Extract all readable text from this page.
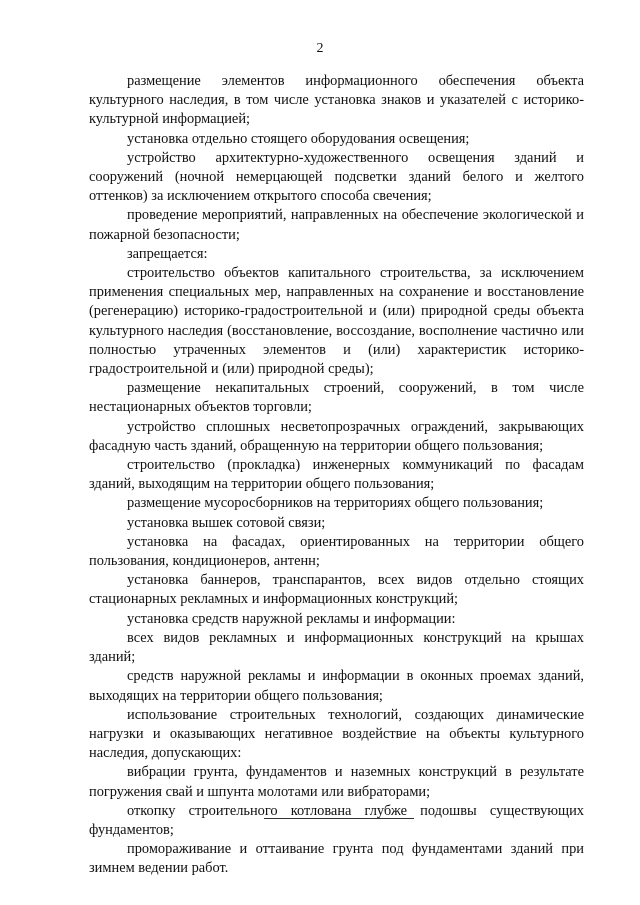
2

размещение элементов информационного обеспечения объекта культурного наследия, в том числе установка знаков и указателей с историко-культурной информацией;

установка отдельно стоящего оборудования освещения;

устройство архитектурно-художественного освещения зданий и сооружений (ночной немерцающей подсветки зданий белого и желтого оттенков) за исключением открытого способа свечения;

проведение мероприятий, направленных на обеспечение экологической и пожарной безопасности;

запрещается:

строительство объектов капитального строительства, за исключением применения специальных мер, направленных на сохранение и восстановление (регенерацию) историко-градостроительной и (или) природной среды объекта культурного наследия (восстановление, воссоздание, восполнение частично или полностью утраченных элементов и (или) характеристик историко-градостроительной и (или) природной среды);

размещение некапитальных строений, сооружений, в том числе нестационарных объектов торговли;

устройство сплошных несветопрозрачных ограждений, закрывающих фасадную часть зданий, обращенную на территории общего пользования;

строительство (прокладка) инженерных коммуникаций по фасадам зданий, выходящим на территории общего пользования;

размещение мусоросборников на территориях общего пользования;

установка вышек сотовой связи;

установка на фасадах, ориентированных на территории общего пользования, кондиционеров, антенн;

установка баннеров, транспарантов, всех видов отдельно стоящих стационарных рекламных и информационных конструкций;

установка средств наружной рекламы и информации:

всех видов рекламных и информационных конструкций на крышах зданий;

средств наружной рекламы и информации в оконных проемах зданий, выходящих на территории общего пользования;

использование строительных технологий, создающих динамические нагрузки и оказывающих негативное воздействие на объекты культурного наследия, допускающих:

вибрации грунта, фундаментов и наземных конструкций в результате погружения свай и шпунта молотами или вибраторами;

откопку строительного котлована глубже подошвы существующих фундаментов;

промораживание и оттаивание грунта под фундаментами зданий при зимнем ведении работ.
